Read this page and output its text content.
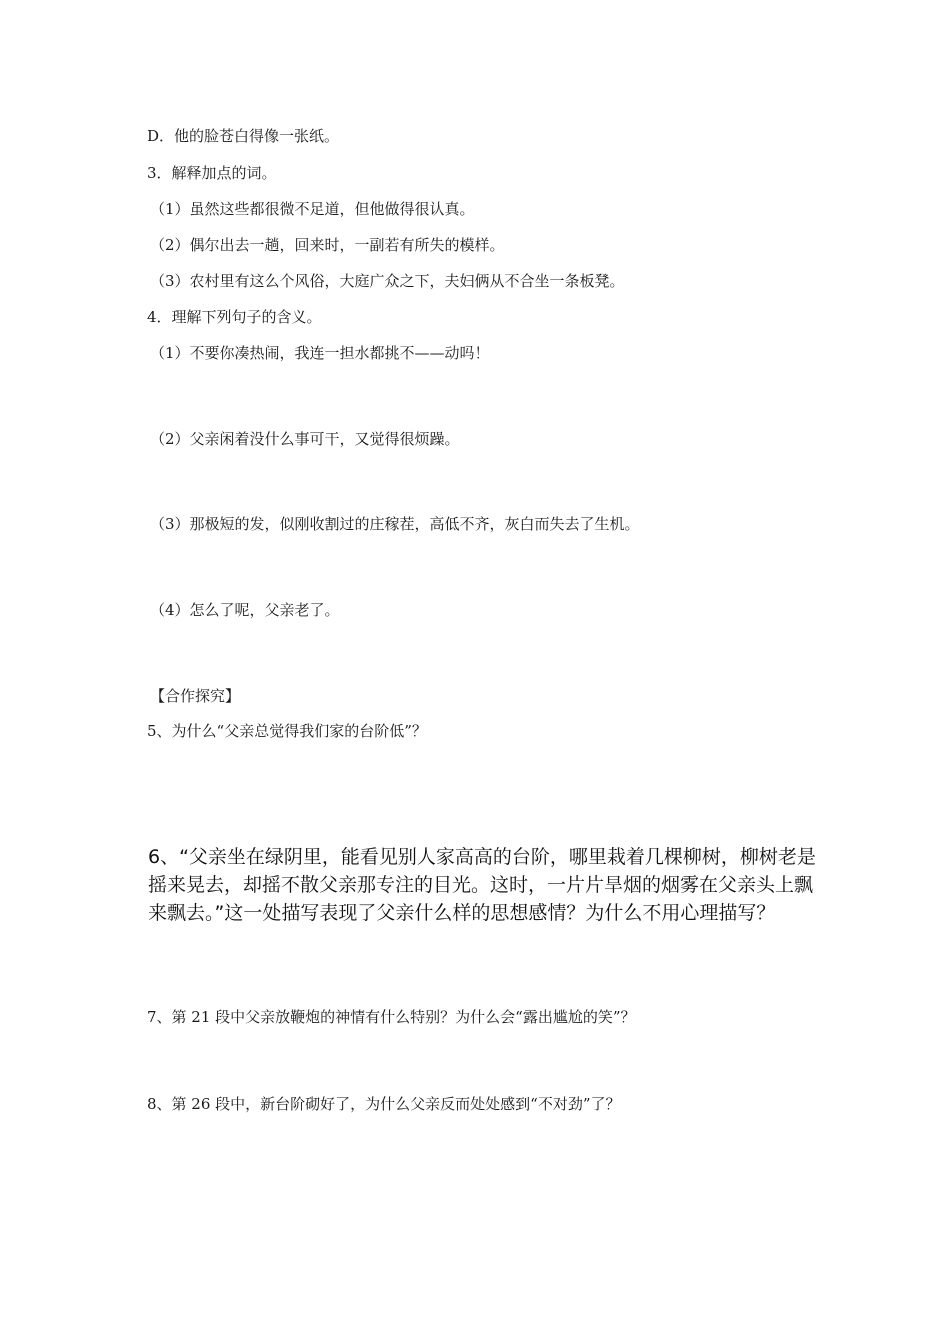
D．他的脸苍白得像一张纸。
3．解释加点的词。
（1）虽然这些都很微不足道，但他做得很认真。
（2）偶尔出去一趟，回来时，一副若有所失的模样。
（3）农村里有这么个风俗，大庭广众之下，夫妇俩从不合坐一条板凳。
4．理解下列句子的含义。
（1）不要你凑热闹，我连一担水都挑不——动吗！
（2）父亲闲着没什么事可干，又觉得很烦躁。
（3）那极短的发，似刚收割过的庄稼茬，高低不齐，灰白而失去了生机。
（4）怎么了呢，父亲老了。
【合作探究】
5、为什么“父亲总觉得我们家的台阶低”？
6、“父亲坐在绿阴里，能看见别人家高高的台阶，哪里栽着几棵柳树，柳树老是
摇来晃去，却摇不散父亲那专注的目光。这时，一片片旱烟的烟雾在父亲头上飘
来飘去。”这一处描写表现了父亲什么样的思想感情？为什么不用心理描写？
7、第 21 段中父亲放鞭炮的神情有什么特别？为什么会“露出尴尬的笑”？
8、第 26 段中，新台阶砌好了，为什么父亲反而处处感到“不对劲”了？
